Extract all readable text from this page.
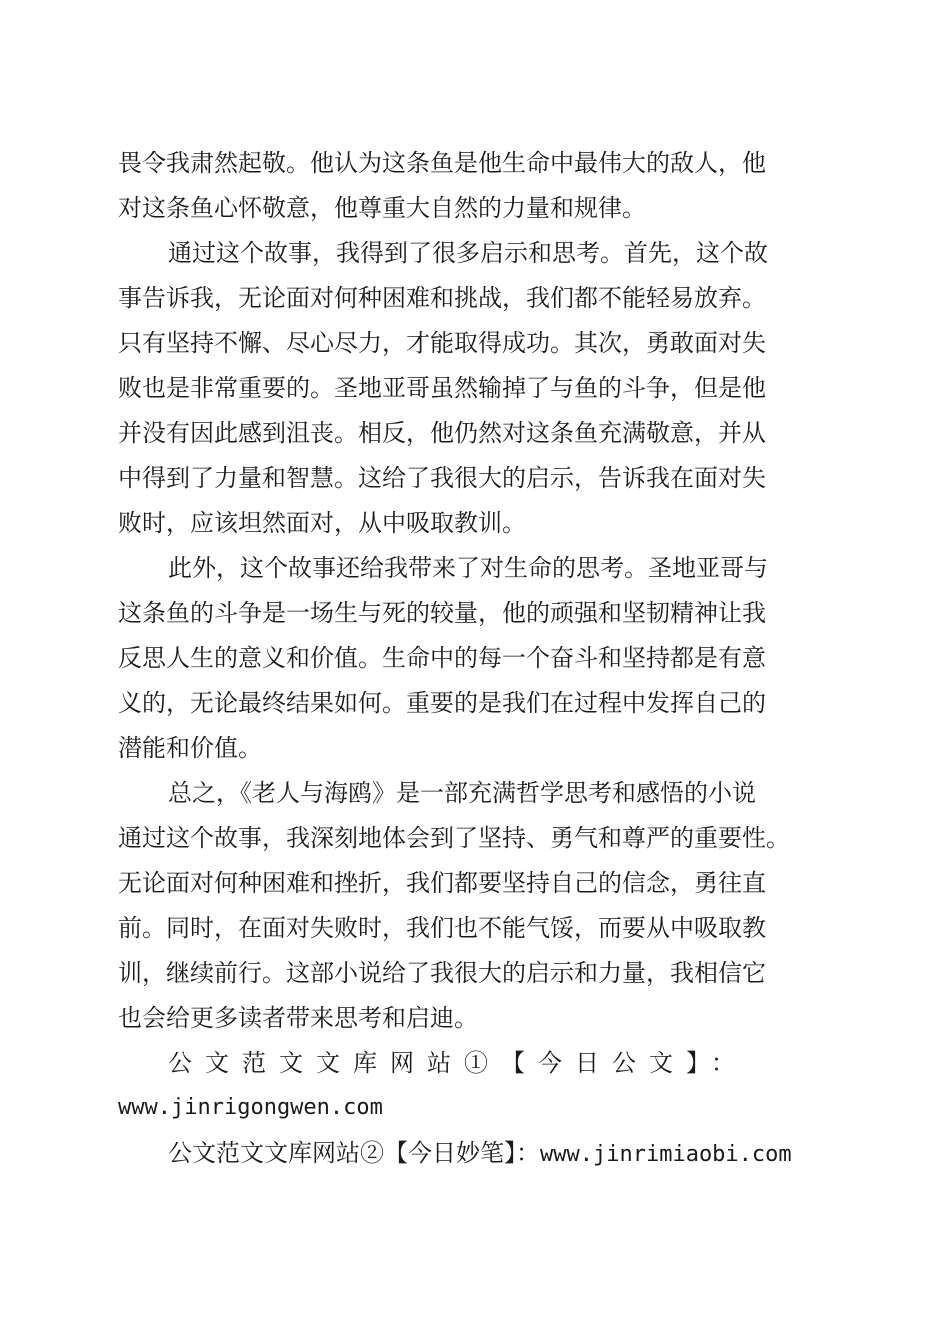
畏令我肃然起敬。他认为这条鱼是他生命中最伟大的敌人，他
对这条鱼心怀敬意，他尊重大自然的力量和规律。
通过这个故事，我得到了很多启示和思考。首先，这个故
事告诉我，无论面对何种困难和挑战，我们都不能轻易放弃。
只有坚持不懈、尽心尽力，才能取得成功。其次，勇敢面对失
败也是非常重要的。圣地亚哥虽然输掉了与鱼的斗争，但是他
并没有因此感到沮丧。相反，他仍然对这条鱼充满敬意，并从
中得到了力量和智慧。这给了我很大的启示，告诉我在面对失
败时，应该坦然面对，从中吸取教训。
此外，这个故事还给我带来了对生命的思考。圣地亚哥与
这条鱼的斗争是一场生与死的较量，他的顽强和坚韧精神让我
反思人生的意义和价值。生命中的每一个奋斗和坚持都是有意
义的，无论最终结果如何。重要的是我们在过程中发挥自己的
潜能和价值。
总之，《老人与海鸥》是一部充满哲学思考和感悟的小说
通过这个故事，我深刻地体会到了坚持、勇气和尊严的重要性。
无论面对何种困难和挫折，我们都要坚持自己的信念，勇往直
前。同时，在面对失败时，我们也不能气馁，而要从中吸取教
训，继续前行。这部小说给了我很大的启示和力量，我相信它
也会给更多读者带来思考和启迪。
公文范文文库网站①【今日公文】：
www.jinrigongwen.com
公文范文文库网站②【今日妙笔】：www.jinrimiaobi.com
